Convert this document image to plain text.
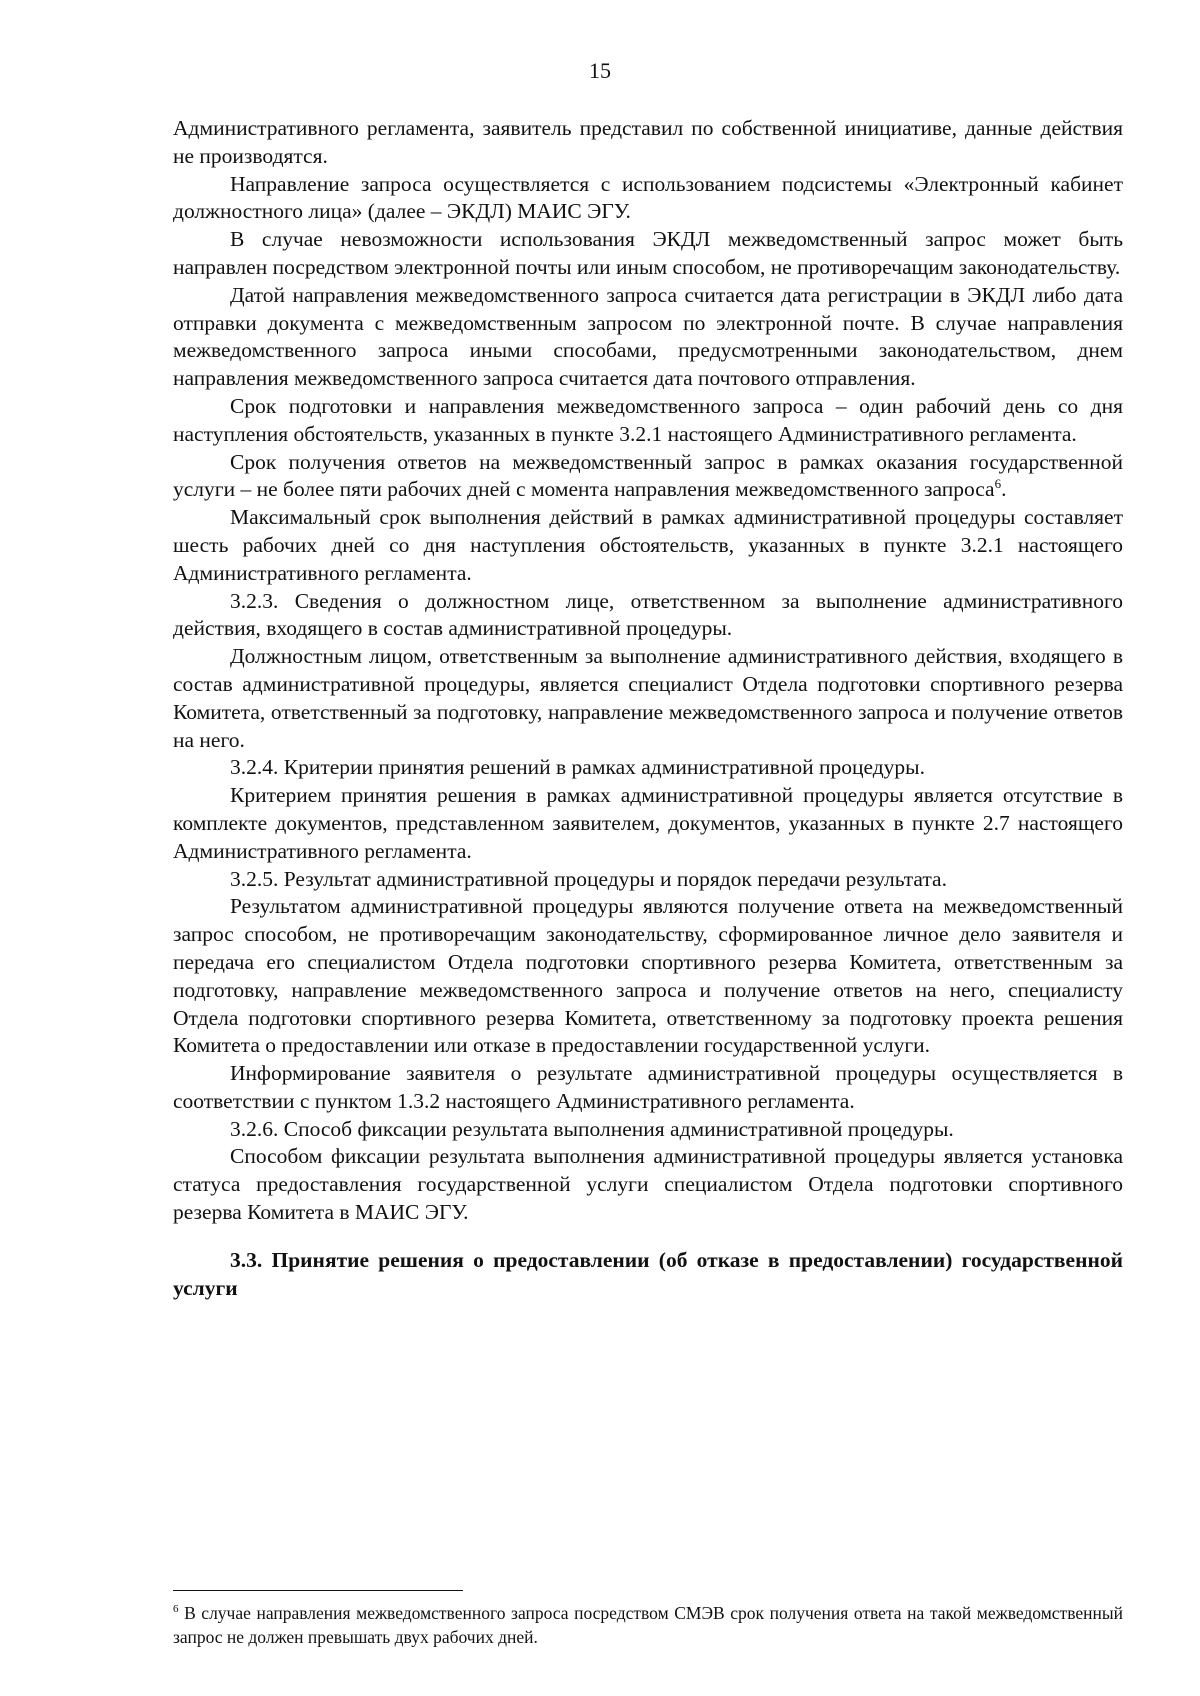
15

Административного регламента, заявитель представил по собственной инициативе, данные действия не производятся.

Направление запроса осуществляется с использованием подсистемы «Электронный кабинет должностного лица» (далее – ЭКДЛ) МАИС ЭГУ.

В случае невозможности использования ЭКДЛ межведомственный запрос может быть направлен посредством электронной почты или иным способом, не противоречащим законодательству.

Датой направления межведомственного запроса считается дата регистрации в ЭКДЛ либо дата отправки документа с межведомственным запросом по электронной почте. В случае направления межведомственного запроса иными способами, предусмотренными законодательством, днем направления межведомственного запроса считается дата почтового отправления.

Срок подготовки и направления межведомственного запроса – один рабочий день со дня наступления обстоятельств, указанных в пункте 3.2.1 настоящего Административного регламента.

Срок получения ответов на межведомственный запрос в рамках оказания государственной услуги – не более пяти рабочих дней с момента направления межведомственного запроса$^6$.

Максимальный срок выполнения действий в рамках административной процедуры составляет шесть рабочих дней со дня наступления обстоятельств, указанных в пункте 3.2.1 настоящего Административного регламента.

3.2.3. Сведения о должностном лице, ответственном за выполнение административного действия, входящего в состав административной процедуры.

Должностным лицом, ответственным за выполнение административного действия, входящего в состав административной процедуры, является специалист Отдела подготовки спортивного резерва Комитета, ответственный за подготовку, направление межведомственного запроса и получение ответов на него.

3.2.4. Критерии принятия решений в рамках административной процедуры.

Критерием принятия решения в рамках административной процедуры является отсутствие в комплекте документов, представленном заявителем, документов, указанных в пункте 2.7 настоящего Административного регламента.

3.2.5. Результат административной процедуры и порядок передачи результата.

Результатом административной процедуры являются получение ответа на межведомственный запрос способом, не противоречащим законодательству, сформированное личное дело заявителя и передача его специалистом Отдела подготовки спортивного резерва Комитета, ответственным за подготовку, направление межведомственного запроса и получение ответов на него, специалисту Отдела подготовки спортивного резерва Комитета, ответственному за подготовку проекта решения Комитета о предоставлении или отказе в предоставлении государственной услуги.

Информирование заявителя о результате административной процедуры осуществляется в соответствии с пунктом 1.3.2 настоящего Административного регламента.

3.2.6. Способ фиксации результата выполнения административной процедуры.

Способом фиксации результата выполнения административной процедуры является установка статуса предоставления государственной услуги специалистом Отдела подготовки спортивного резерва Комитета в МАИС ЭГУ.

3.3. Принятие решения о предоставлении (об отказе в предоставлении) государственной услуги

$^6$ В случае направления межведомственного запроса посредством СМЭВ срок получения ответа на такой межведомственный запрос не должен превышать двух рабочих дней.
